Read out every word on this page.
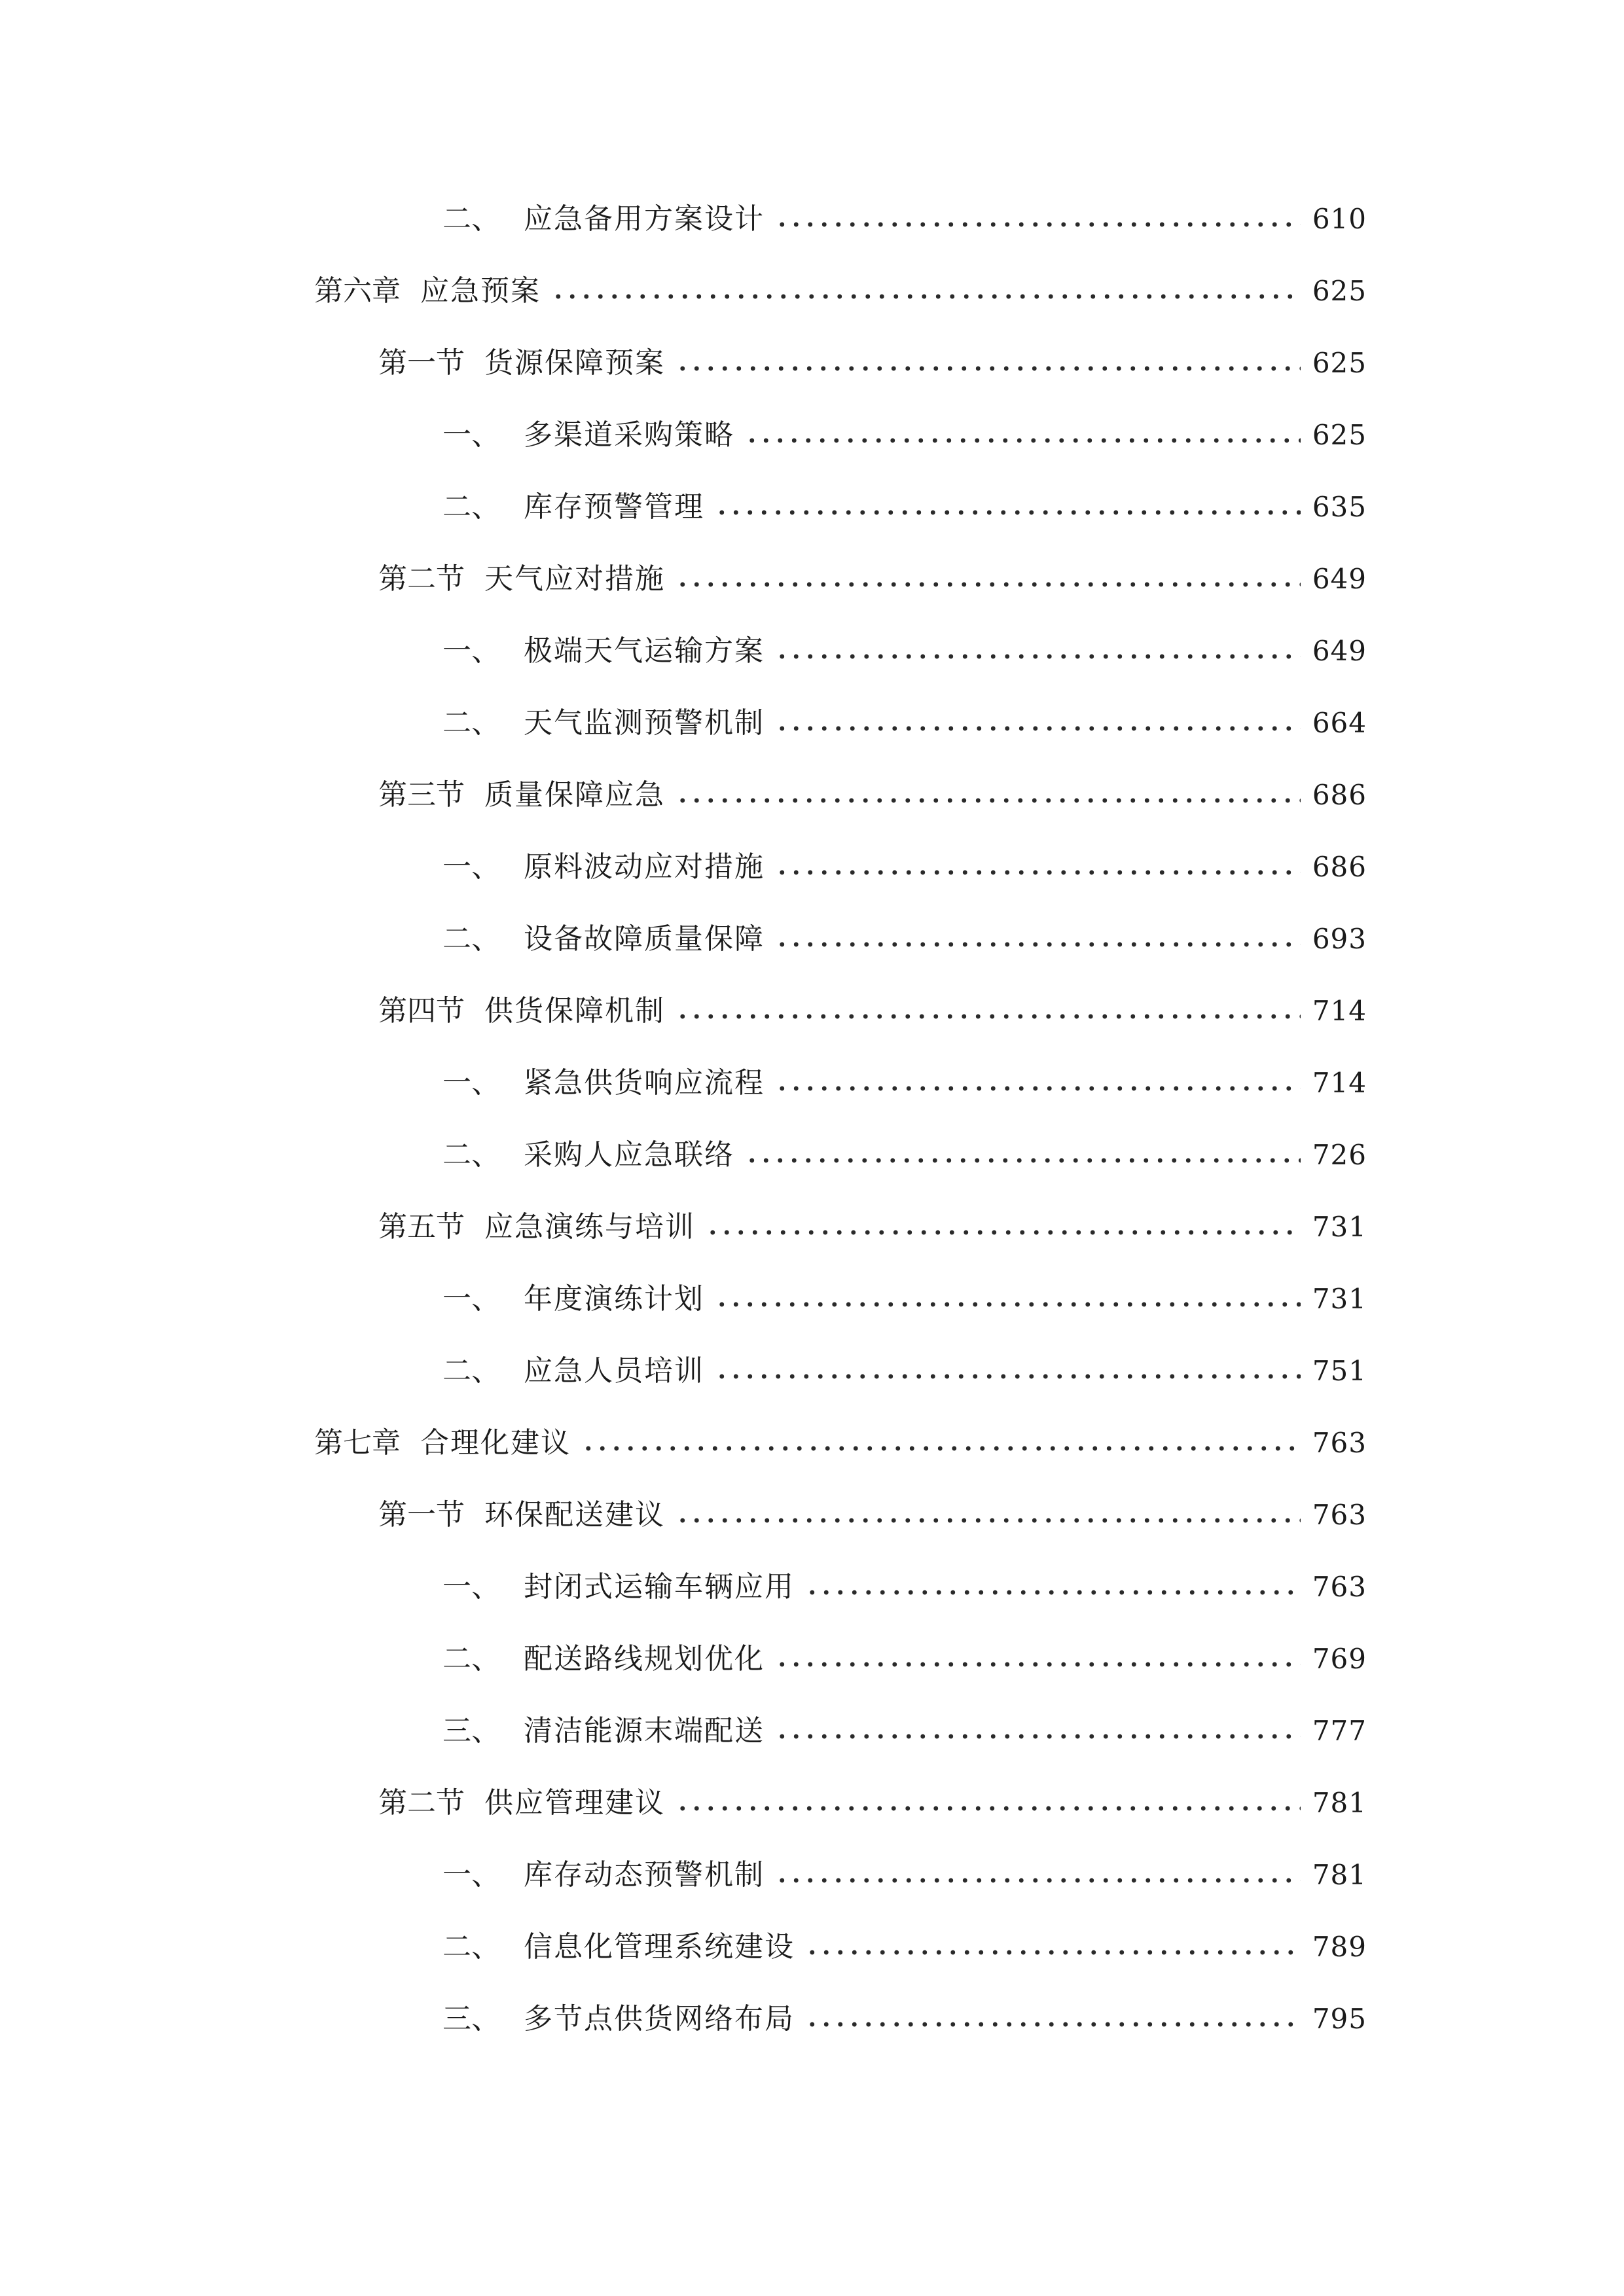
二、 应急备用方案设计	610
第六章 应急预案	625
第一节 货源保障预案	625
一、 多渠道采购策略	625
二、 库存预警管理	635
第二节 天气应对措施	649
一、 极端天气运输方案	649
二、 天气监测预警机制	664
第三节 质量保障应急	686
一、 原料波动应对措施	686
二、 设备故障质量保障	693
第四节 供货保障机制	714
一、 紧急供货响应流程	714
二、 采购人应急联络	726
第五节 应急演练与培训	731
一、 年度演练计划	731
二、 应急人员培训	751
第七章 合理化建议	763
第一节 环保配送建议	763
一、 封闭式运输车辆应用	763
二、 配送路线规划优化	769
三、 清洁能源末端配送	777
第二节 供应管理建议	781
一、 库存动态预警机制	781
二、 信息化管理系统建设	789
三、 多节点供货网络布局	795
